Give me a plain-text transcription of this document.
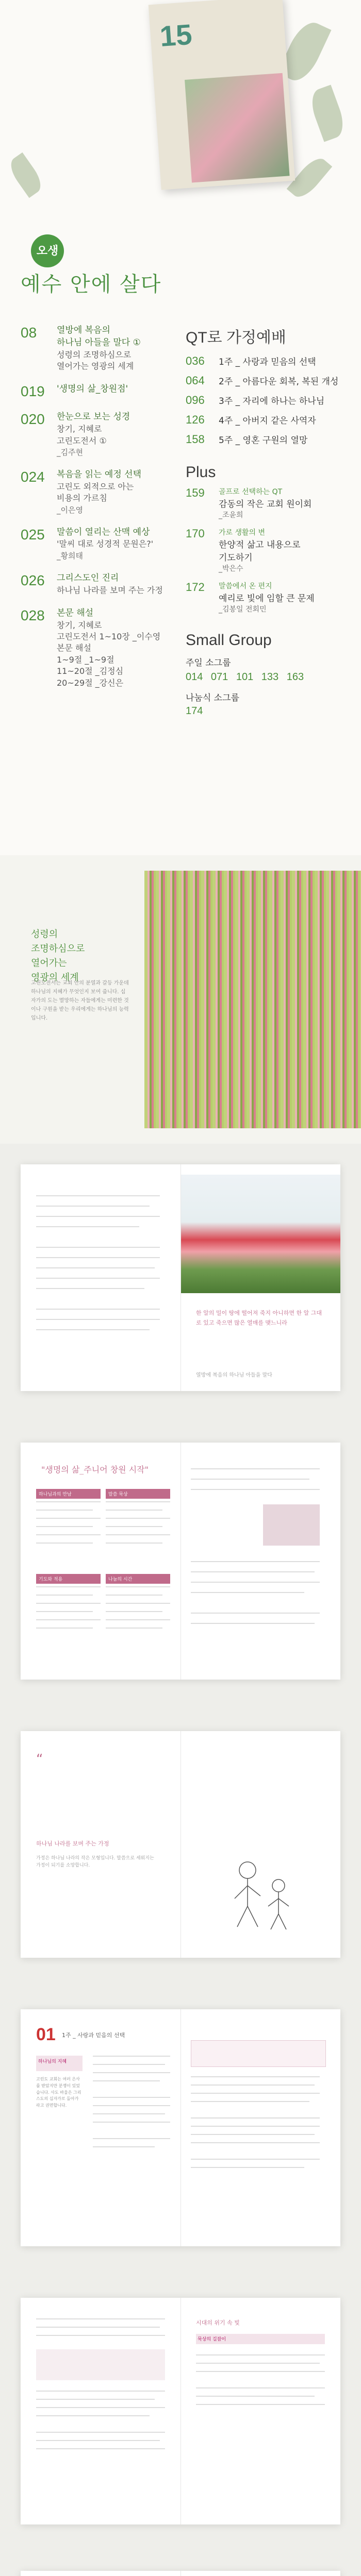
15
오생
예수 안에 살다
08	열방에 복음의
하나님 아들을 말다 ①
성령의 조명하심으로
열어가는 영광의 세계
019	'생명의 삶_창원점'
020	한눈으로 보는 성경
창기, 지혜로
고린도전서 ①
_김주현
024	복음을 읽는 예정 선택
고린도 외적으로 아는
비용의 가르침
_이은영
025	말씀이 열리는 산맥 예상
'말씨 대로 성경적 문원은?'
_황희태
026	그리스도인 진리
하나님 나라를 보며 주는 가정
028	본문 해설
창기, 지혜로
고린도전서 1~10장 _이수영
본문 해설
1~9절 _1~9절
11~20절 _김정심
20~29절 _강신은
QT로 가정예배
036	1주 _ 사랑과 믿음의 선택
064	2주 _ 아름다운 회복, 복된 개성
096	3주 _ 자리에 하나는 하나님
126	4주 _ 아버지 같은 사역자
158	5주 _ 영혼 구원의 열망
Plus
159	골프로 선택하는 QT
감동의 작은 교회 원이회
_조윤희
170	가로 생활의 변
한양적 삶고 내용으로
기도하기
_박은수
172	말씀에서 온 편지
예리로 빛에 임할 큰 문제
_김봉일 전회민
Small Group
주일 소그룹
014 071 101 133 163
나눔식 소그룹
174
성령의
조명하심으로
열어가는
영광의 세계
고린도전서는 교회 안의 분열과 갈등 가운데 하나님의 지혜가 무엇인지 보여 줍니다. 십자가의 도는 멸망하는 자들에게는 미련한 것이나 구원을 받는 우리에게는 하나님의 능력입니다.
한 알의 밀이 땅에 떨어져 죽지 아니하면 한 알 그대로 있고 죽으면 많은 열매를 맺느니라
열방에 복음의 하나님 아들을 말다
"생명의 삶_주니어 창원 시작"
하나님과의 만남	말씀 묵상
기도와 적용	나눔의 시간
“
하나님 나라를 보며 주는 가정
가정은 하나님 나라의 작은 모형입니다. 말씀으로 세워지는 가정이 되기를 소망합니다.
01 1주 _ 사랑과 믿음의 선택
하나님의 지혜
고린도 교회는 여러 은사를 받았지만 분쟁이 있었습니다. 사도 바울은 그리스도의 십자가로 돌아가라고 권면합니다.
시대의 위기 속 빛
묵상의 길잡이
